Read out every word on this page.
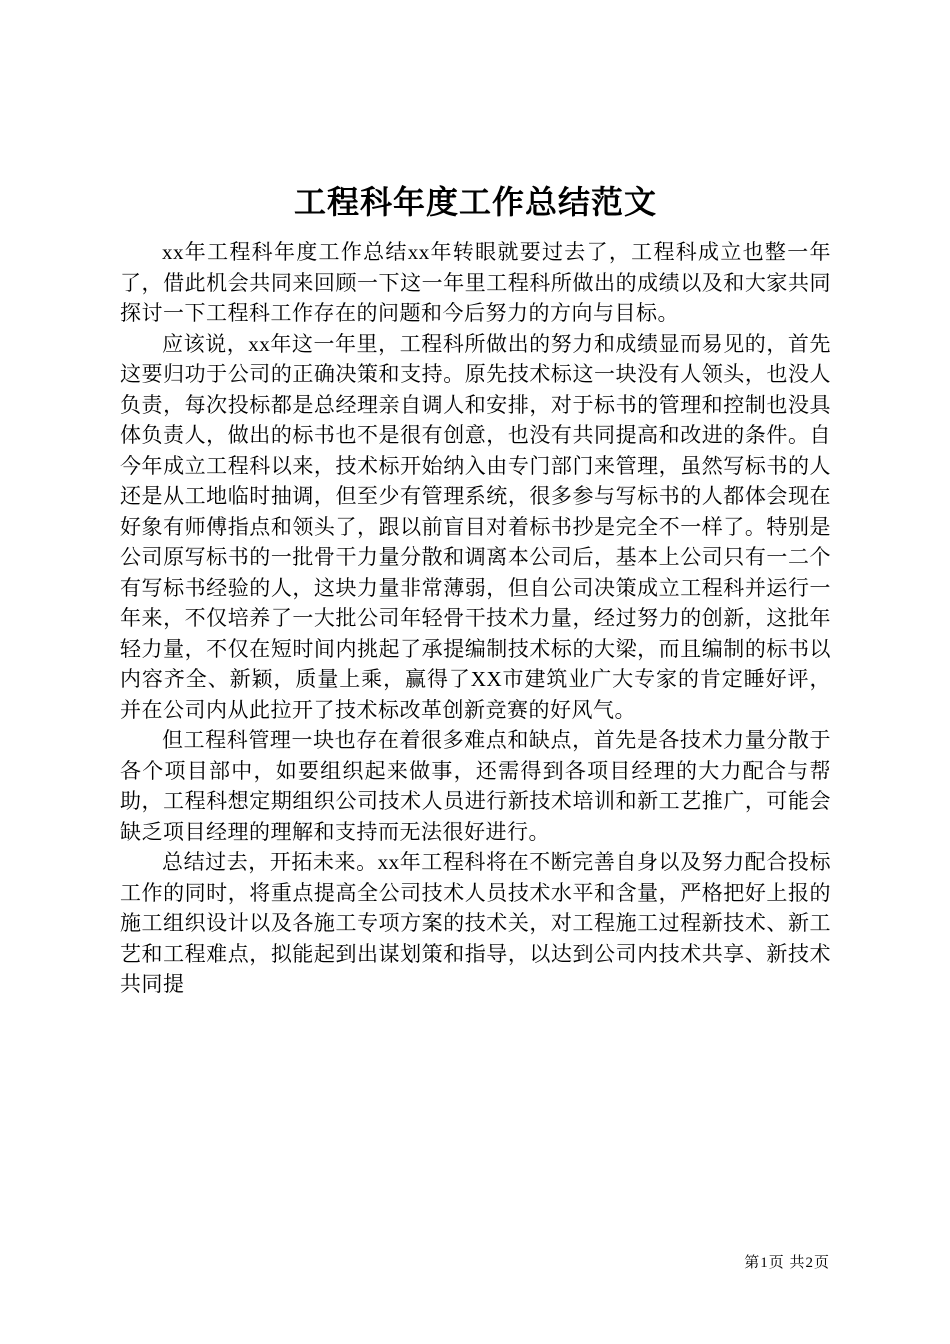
工程科年度工作总结范文

xx年工程科年度工作总结xx年转眼就要过去了，工程科成立也整一年了，借此机会共同来回顾一下这一年里工程科所做出的成绩以及和大家共同探讨一下工程科工作存在的问题和今后努力的方向与目标。

应该说，xx年这一年里，工程科所做出的努力和成绩显而易见的，首先这要归功于公司的正确决策和支持。原先技术标这一块没有人领头，也没人负责，每次投标都是总经理亲自调人和安排，对于标书的管理和控制也没具体负责人，做出的标书也不是很有创意，也没有共同提高和改进的条件。自今年成立工程科以来，技术标开始纳入由专门部门来管理，虽然写标书的人还是从工地临时抽调，但至少有管理系统，很多参与写标书的人都体会现在好象有师傅指点和领头了，跟以前盲目对着标书抄是完全不一样了。特别是公司原写标书的一批骨干力量分散和调离本公司后，基本上公司只有一二个有写标书经验的人，这块力量非常薄弱，但自公司决策成立工程科并运行一年来，不仅培养了一大批公司年轻骨干技术力量，经过努力的创新，这批年轻力量，不仅在短时间内挑起了承提编制技术标的大梁，而且编制的标书以内容齐全、新颖，质量上乘，赢得了XX市建筑业广大专家的肯定睡好评，并在公司内从此拉开了技术标改革创新竞赛的好风气。

但工程科管理一块也存在着很多难点和缺点，首先是各技术力量分散于各个项目部中，如要组织起来做事，还需得到各项目经理的大力配合与帮助，工程科想定期组织公司技术人员进行新技术培训和新工艺推广，可能会缺乏项目经理的理解和支持而无法很好进行。

总结过去，开拓未来。xx年工程科将在不断完善自身以及努力配合投标工作的同时，将重点提高全公司技术人员技术水平和含量，严格把好上报的施工组织设计以及各施工专项方案的技术关，对工程施工过程新技术、新工艺和工程难点，拟能起到出谋划策和指导，以达到公司内技术共享、新技术共同提

第1页 共2页
